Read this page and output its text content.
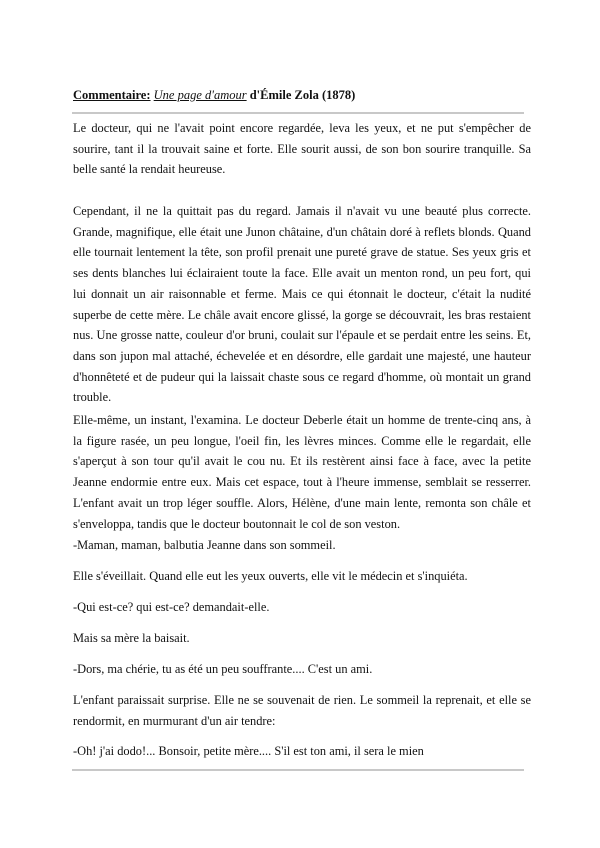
Commentaire: Une page d'amour d'Émile Zola (1878)

Le docteur, qui ne l'avait point encore regardée, leva les yeux, et ne put s'empêcher de sourire, tant il la trouvait saine et forte. Elle sourit aussi, de son bon sourire tranquille. Sa belle santé la rendait heureuse.

Cependant, il ne la quittait pas du regard. Jamais il n'avait vu une beauté plus correcte. Grande, magnifique, elle était une Junon châtaine, d'un châtain doré à reflets blonds. Quand elle tournait lentement la tête, son profil prenait une pureté grave de statue. Ses yeux gris et ses dents blanches lui éclairaient toute la face. Elle avait un menton rond, un peu fort, qui lui donnait un air raisonnable et ferme. Mais ce qui étonnait le docteur, c'était la nudité superbe de cette mère. Le châle avait encore glissé, la gorge se découvrait, les bras restaient nus. Une grosse natte, couleur d'or bruni, coulait sur l'épaule et se perdait entre les seins. Et, dans son jupon mal attaché, échevelée et en désordre, elle gardait une majesté, une hauteur d'honnêteté et de pudeur qui la laissait chaste sous ce regard d'homme, où montait un grand trouble.

Elle-même, un instant, l'examina. Le docteur Deberle était un homme de trente-cinq ans, à la figure rasée, un peu longue, l'oeil fin, les lèvres minces. Comme elle le regardait, elle s'aperçut à son tour qu'il avait le cou nu. Et ils restèrent ainsi face à face, avec la petite Jeanne endormie entre eux. Mais cet espace, tout à l'heure immense, semblait se resserrer. L'enfant avait un trop léger souffle. Alors, Hélène, d'une main lente, remonta son châle et s'enveloppa, tandis que le docteur boutonnait le col de son veston.

-Maman, maman, balbutia Jeanne dans son sommeil.

Elle s'éveillait. Quand elle eut les yeux ouverts, elle vit le médecin et s'inquiéta.

-Qui est-ce? qui est-ce? demandait-elle.

Mais sa mère la baisait.

-Dors, ma chérie, tu as été un peu souffrante.... C'est un ami.

L'enfant paraissait surprise. Elle ne se souvenait de rien. Le sommeil la reprenait, et elle se rendormit, en murmurant d'un air tendre:

-Oh! j'ai dodo!... Bonsoir, petite mère.... S'il est ton ami, il sera le mien
